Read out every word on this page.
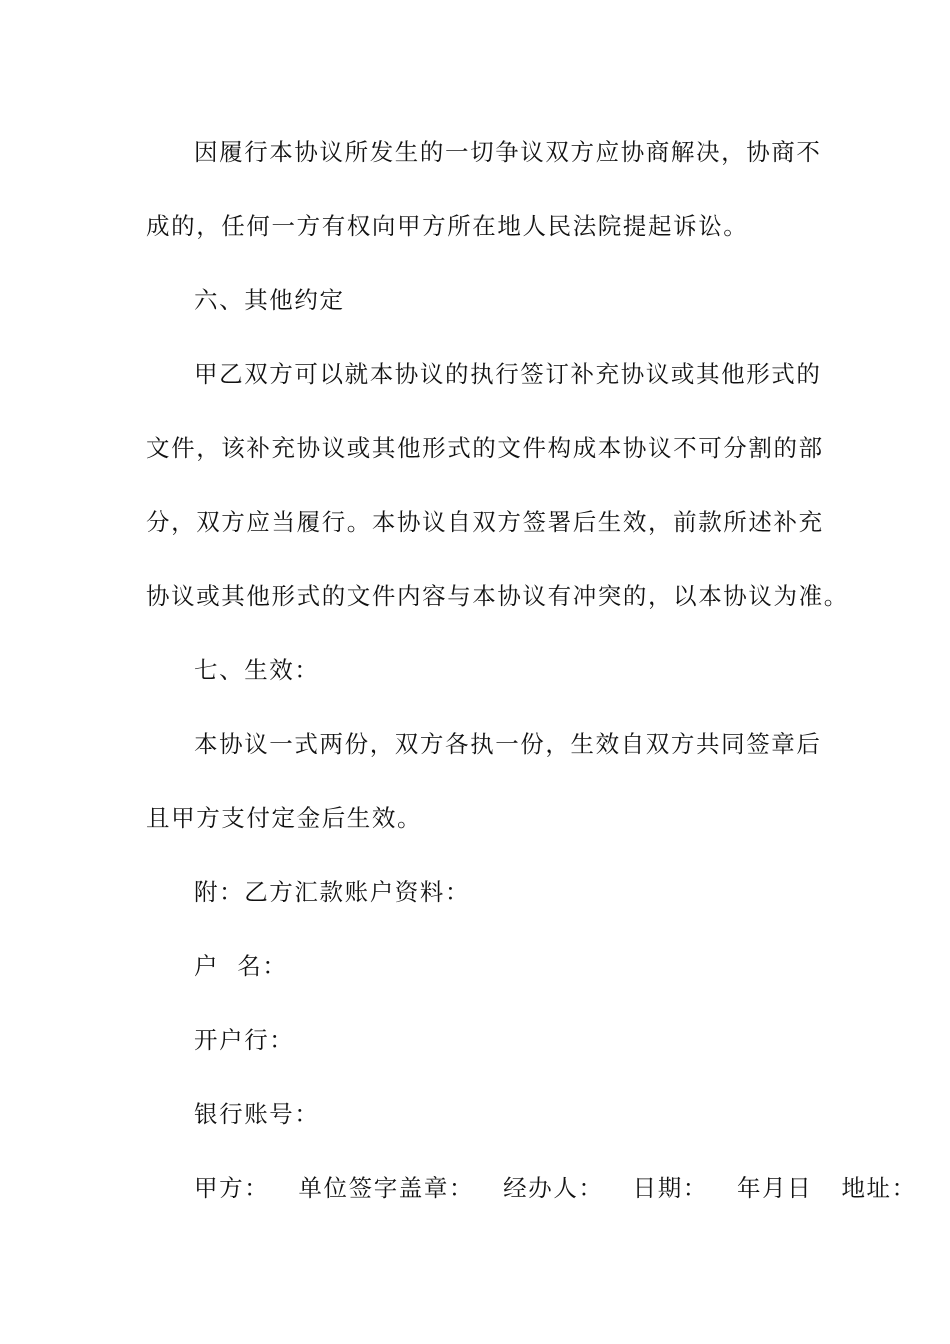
因履行本协议所发生的一切争议双方应协商解决，协商不
成的，任何一方有权向甲方所在地人民法院提起诉讼。
六、其他约定
甲乙双方可以就本协议的执行签订补充协议或其他形式的
文件，该补充协议或其他形式的文件构成本协议不可分割的部
分，双方应当履行。本协议自双方签署后生效，前款所述补充
协议或其他形式的文件内容与本协议有冲突的，以本协议为准。
七、生效：
本协议一式两份，双方各执一份，生效自双方共同签章后
且甲方支付定金后生效。
附：乙方汇款账户资料：
户  名：
开户行：
银行账号：
甲方： 单位签字盖章： 经办人： 日期： 年月日 地址：
